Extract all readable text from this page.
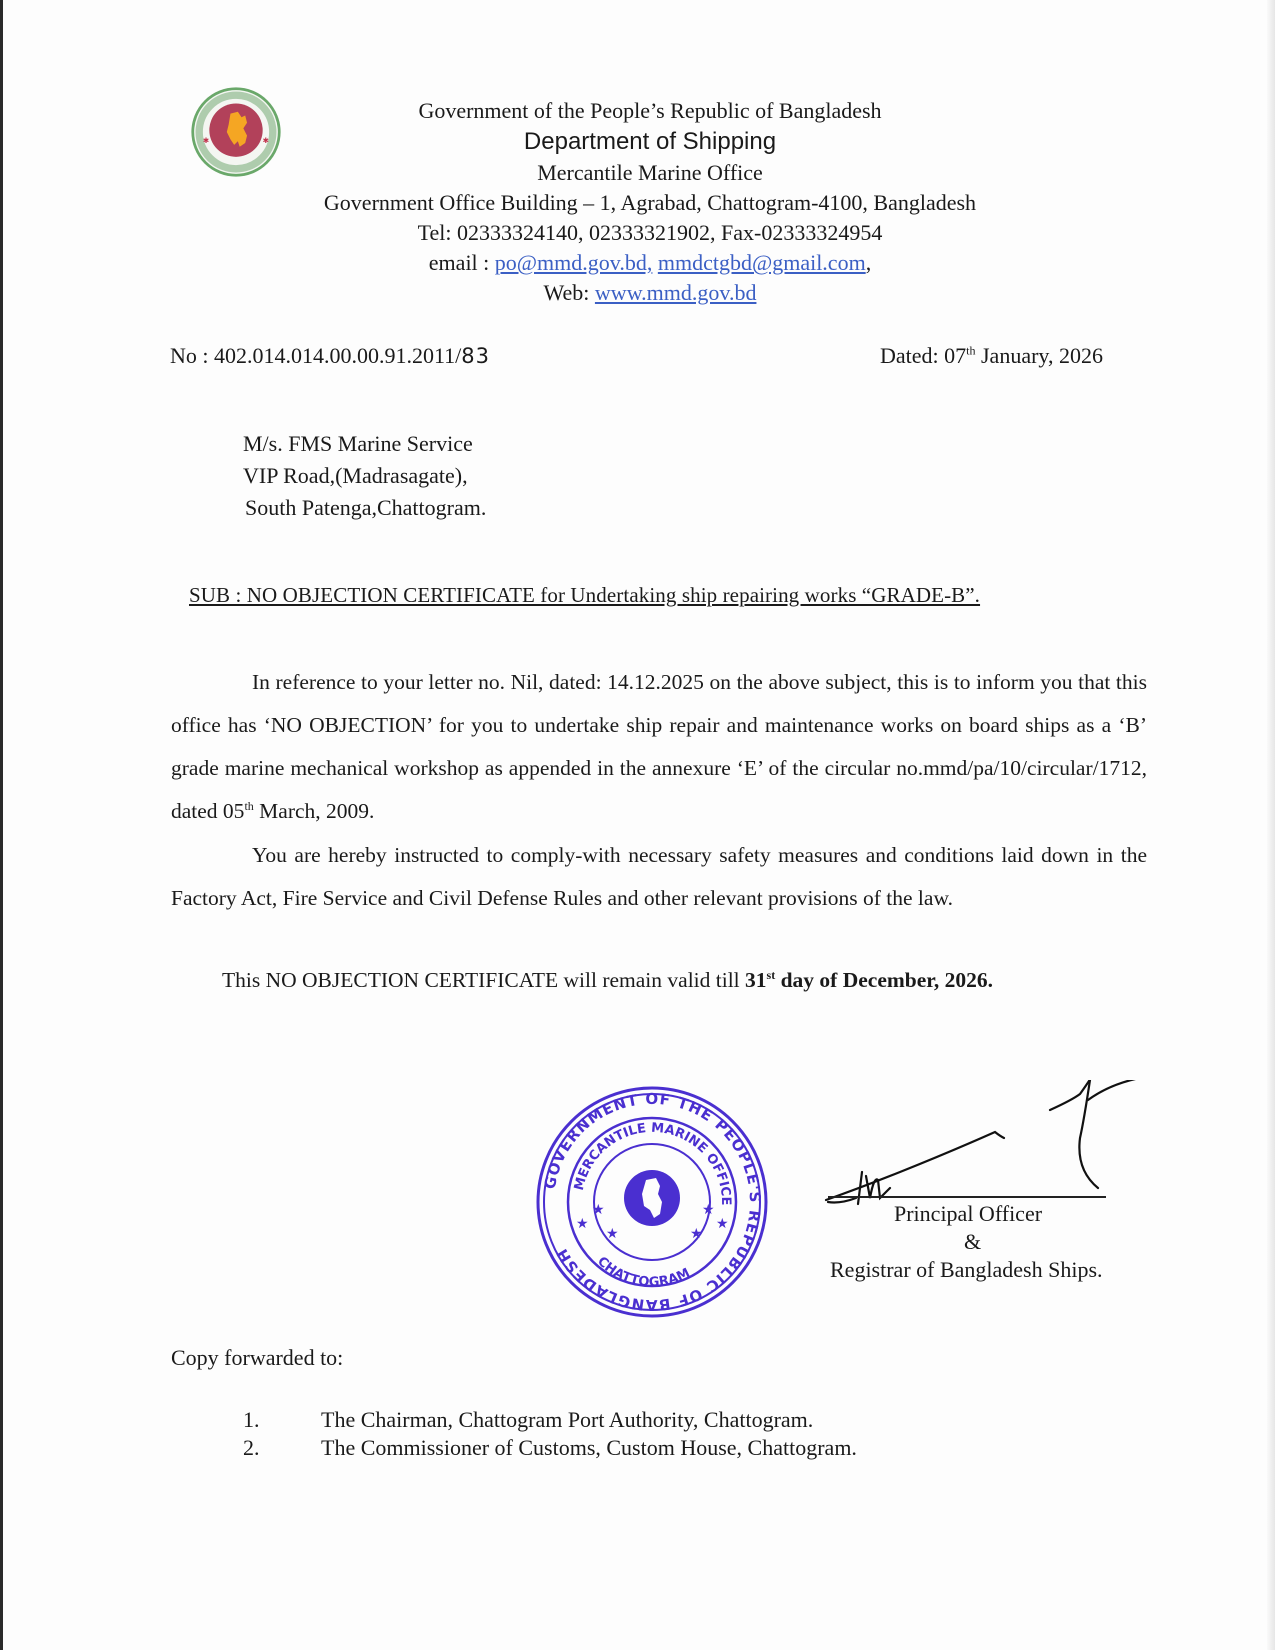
✱	✱
Government of the People’s Republic of Bangladesh
Department of Shipping
Mercantile Marine Office
Government Office Building – 1, Agrabad, Chattogram-4100, Bangladesh
Tel: 02333324140, 02333321902, Fax-02333324954
email : po@mmd.gov.bd, mmdctgbd@gmail.com,
Web: www.mmd.gov.bd
No : 402.014.014.00.00.91.2011/83	Dated: 07th January, 2026
M/s. FMS Marine Service
VIP Road,(Madrasagate),
South Patenga,Chattogram.
SUB : NO OBJECTION CERTIFICATE for Undertaking ship repairing works “GRADE-B”.
In reference to your letter no. Nil, dated: 14.12.2025 on the above subject, this is to inform you that this office has ‘NO OBJECTION’ for you to undertake ship repair and maintenance works on board ships as a ‘B’ grade marine mechanical workshop as appended in the annexure ‘E’ of the circular no.mmd/pa/10/circular/1712, dated 05th March, 2009.
You are hereby instructed to comply-with necessary safety measures and conditions laid down in the Factory Act, Fire Service and Civil Defense Rules and other relevant provisions of the law.
This NO OBJECTION CERTIFICATE will remain valid till 31st day of December, 2026.
GOVERNMENT OF THE PEOPLE'S REPUBLIC OF BANGLADESH
MERCANTILE MARINE OFFICE
CHATTOGRAM
★
★	★
★
★	★
Principal Officer
&
Registrar of Bangladesh Ships.
Copy forwarded to:
1.	The Chairman, Chattogram Port Authority, Chattogram.
2.	The Commissioner of Customs, Custom House, Chattogram.
